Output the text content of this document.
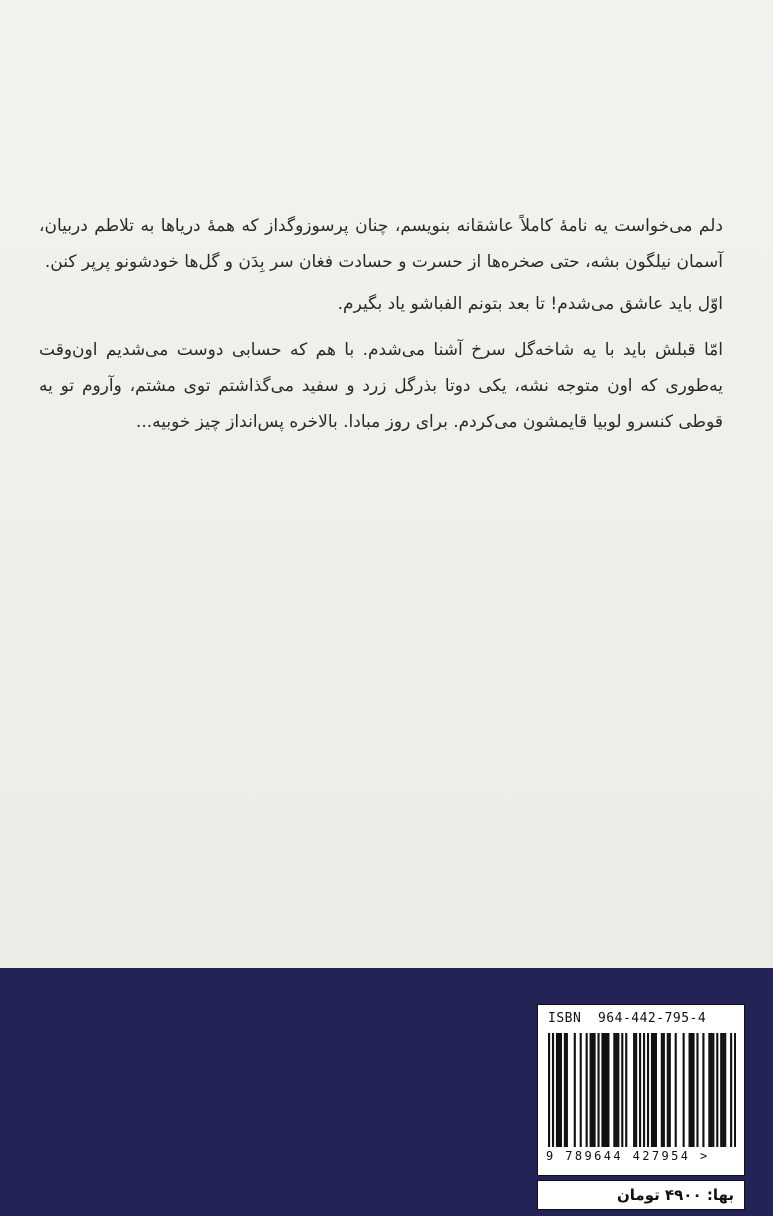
دلم می‌خواست یه نامهٔ کاملاً عاشقانه بنویسم، چنان پرسوزوگداز که همهٔ دریاها به تلاطم دربیان، آسمان نیلگون بشه، حتی صخره‌ها از حسرت و حسادت فغان سر بِدَن و گل‌ها خودشونو پرپر کنن.

اوّل باید عاشق می‌شدم! تا بعد بتونم الفباشو یاد بگیرم.

امّا قبلش باید با یه شاخه‌گل سرخ آشنا می‌شدم. با هم که حسابی دوست می‌شدیم اون‌وقت یه‌طوری که اون متوجه نشه، یکی دوتا بذرگل زرد و سفید می‌گذاشتم توی مشتم، وآروم تو یه قوطی کنسرو لوبیا قایمشون می‌کردم. برای روز مبادا. بالاخره پس‌انداز چیز خوبیه...

ISBN  964-442-795-4
9 789644 427954 >
بها: ۴۹۰۰ تومان
